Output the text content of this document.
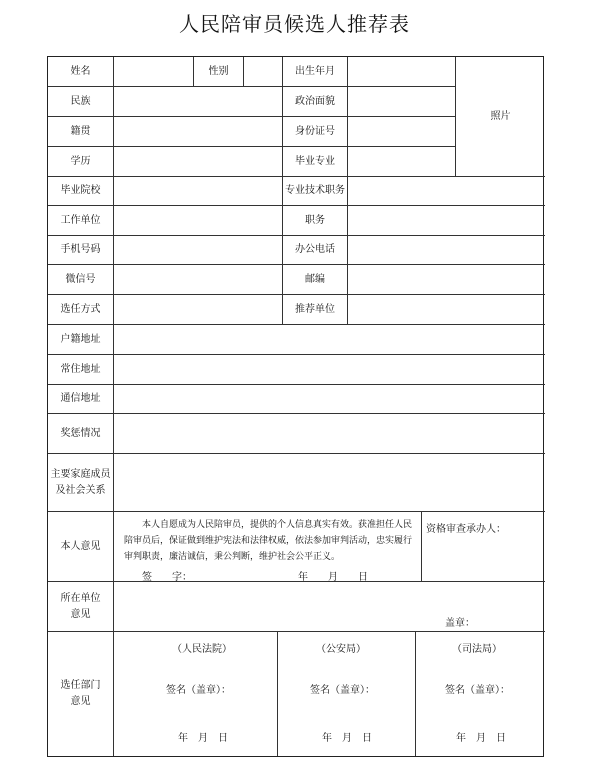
人民陪审员候选人推荐表
姓名	性别	出生年月
照片
民族	政治面貌
籍贯	身份证号
学历	毕业专业
毕业院校	专业技术职务
工作单位	职务
手机号码	办公电话
微信号	邮编
选任方式	推荐单位
户籍地址
常住地址
通信地址
奖惩情况
主要家庭成员
及社会关系
本人意见
本人自愿成为人民陪审员，提供的个人信息真实有效。获准担任人民陪审员后，保证做到维护宪法和法律权威，依法参加审判活动，忠实履行审判职责，廉洁诚信，秉公判断，维护社会公平正义。
签　　字：	年　　月　　日
资格审查承办人：
所在单位
意见
盖章：
选任部门
意见
（人民法院）
签名（盖章）：
年　月　日
（公安局）
签名（盖章）：
年　月　日
（司法局）
签名（盖章）：
年　月　日
